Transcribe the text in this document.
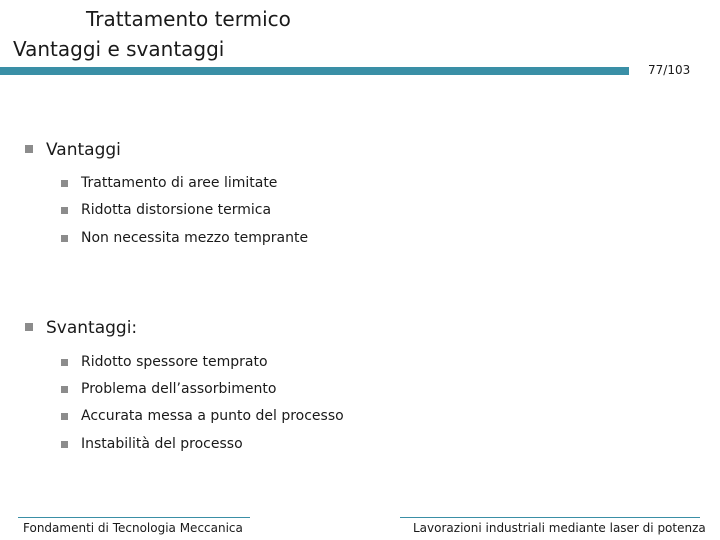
Trattamento termico
Vantaggi e svantaggi
77/103
Vantaggi
Trattamento di aree limitate
Ridotta distorsione termica
Non necessita mezzo temprante
Svantaggi:
Ridotto spessore temprato
Problema dell’assorbimento
Accurata messa a punto del processo
Instabilità del processo
Fondamenti di Tecnologia Meccanica	Lavorazioni industriali mediante laser di potenza
